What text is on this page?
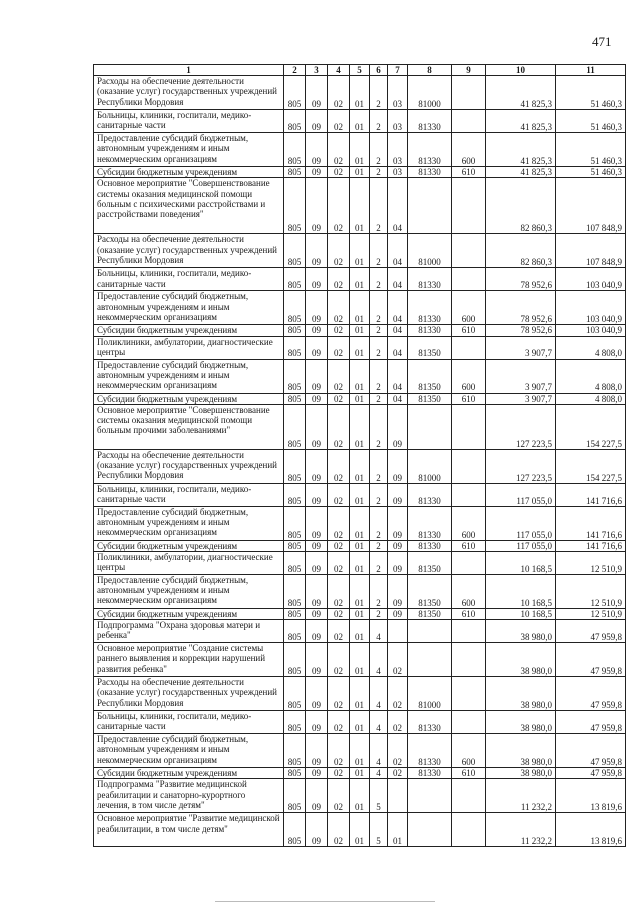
471
1	2	3	4	5	6	7	8	9	10	11
Расходы на обеспечение деятельности (оказание услуг) государственных учреждений Республики Мордовия	805	09	02	01	2	03	81000		41 825,3	51 460,3
Больницы, клиники, госпитали, медико-санитарные части	805	09	02	01	2	03	81330		41 825,3	51 460,3
Предоставление субсидий бюджетным, автономным учреждениям и иным некоммерческим организациям	805	09	02	01	2	03	81330	600	41 825,3	51 460,3
Субсидии бюджетным учреждениям	805	09	02	01	2	03	81330	610	41 825,3	51 460,3
Основное мероприятие "Совершенствование системы оказания медицинской помощи больным с психическими расстройствами и расстройствами поведения"	805	09	02	01	2	04			82 860,3	107 848,9
Расходы на обеспечение деятельности (оказание услуг) государственных учреждений Республики Мордовия	805	09	02	01	2	04	81000		82 860,3	107 848,9
Больницы, клиники, госпитали, медико-санитарные части	805	09	02	01	2	04	81330		78 952,6	103 040,9
Предоставление субсидий бюджетным, автономным учреждениям и иным некоммерческим организациям	805	09	02	01	2	04	81330	600	78 952,6	103 040,9
Субсидии бюджетным учреждениям	805	09	02	01	2	04	81330	610	78 952,6	103 040,9
Поликлиники, амбулатории, диагностические центры	805	09	02	01	2	04	81350		3 907,7	4 808,0
Предоставление субсидий бюджетным, автономным учреждениям и иным некоммерческим организациям	805	09	02	01	2	04	81350	600	3 907,7	4 808,0
Субсидии бюджетным учреждениям	805	09	02	01	2	04	81350	610	3 907,7	4 808,0
Основное мероприятие "Совершенствование системы оказания медицинской помощи больным прочими заболеваниями"	805	09	02	01	2	09			127 223,5	154 227,5
Расходы на обеспечение деятельности (оказание услуг) государственных учреждений Республики Мордовия	805	09	02	01	2	09	81000		127 223,5	154 227,5
Больницы, клиники, госпитали, медико-санитарные части	805	09	02	01	2	09	81330		117 055,0	141 716,6
Предоставление субсидий бюджетным, автономным учреждениям и иным некоммерческим организациям	805	09	02	01	2	09	81330	600	117 055,0	141 716,6
Субсидии бюджетным учреждениям	805	09	02	01	2	09	81330	610	117 055,0	141 716,6
Поликлиники, амбулатории, диагностические центры	805	09	02	01	2	09	81350		10 168,5	12 510,9
Предоставление субсидий бюджетным, автономным учреждениям и иным некоммерческим организациям	805	09	02	01	2	09	81350	600	10 168,5	12 510,9
Субсидии бюджетным учреждениям	805	09	02	01	2	09	81350	610	10 168,5	12 510,9
Подпрограмма "Охрана здоровья матери и ребенка"	805	09	02	01	4				38 980,0	47 959,8
Основное мероприятие "Создание системы раннего выявления и коррекции нарушений развития ребенка"	805	09	02	01	4	02			38 980,0	47 959,8
Расходы на обеспечение деятельности (оказание услуг) государственных учреждений Республики Мордовия	805	09	02	01	4	02	81000		38 980,0	47 959,8
Больницы, клиники, госпитали, медико-санитарные части	805	09	02	01	4	02	81330		38 980,0	47 959,8
Предоставление субсидий бюджетным, автономным учреждениям и иным некоммерческим организациям	805	09	02	01	4	02	81330	600	38 980,0	47 959,8
Субсидии бюджетным учреждениям	805	09	02	01	4	02	81330	610	38 980,0	47 959,8
Подпрограмма "Развитие медицинской реабилитации и санаторно-курортного лечения, в том числе детям"	805	09	02	01	5				11 232,2	13 819,6
Основное мероприятие "Развитие медицинской реабилитации, в том числе детям"	805	09	02	01	5	01			11 232,2	13 819,6
